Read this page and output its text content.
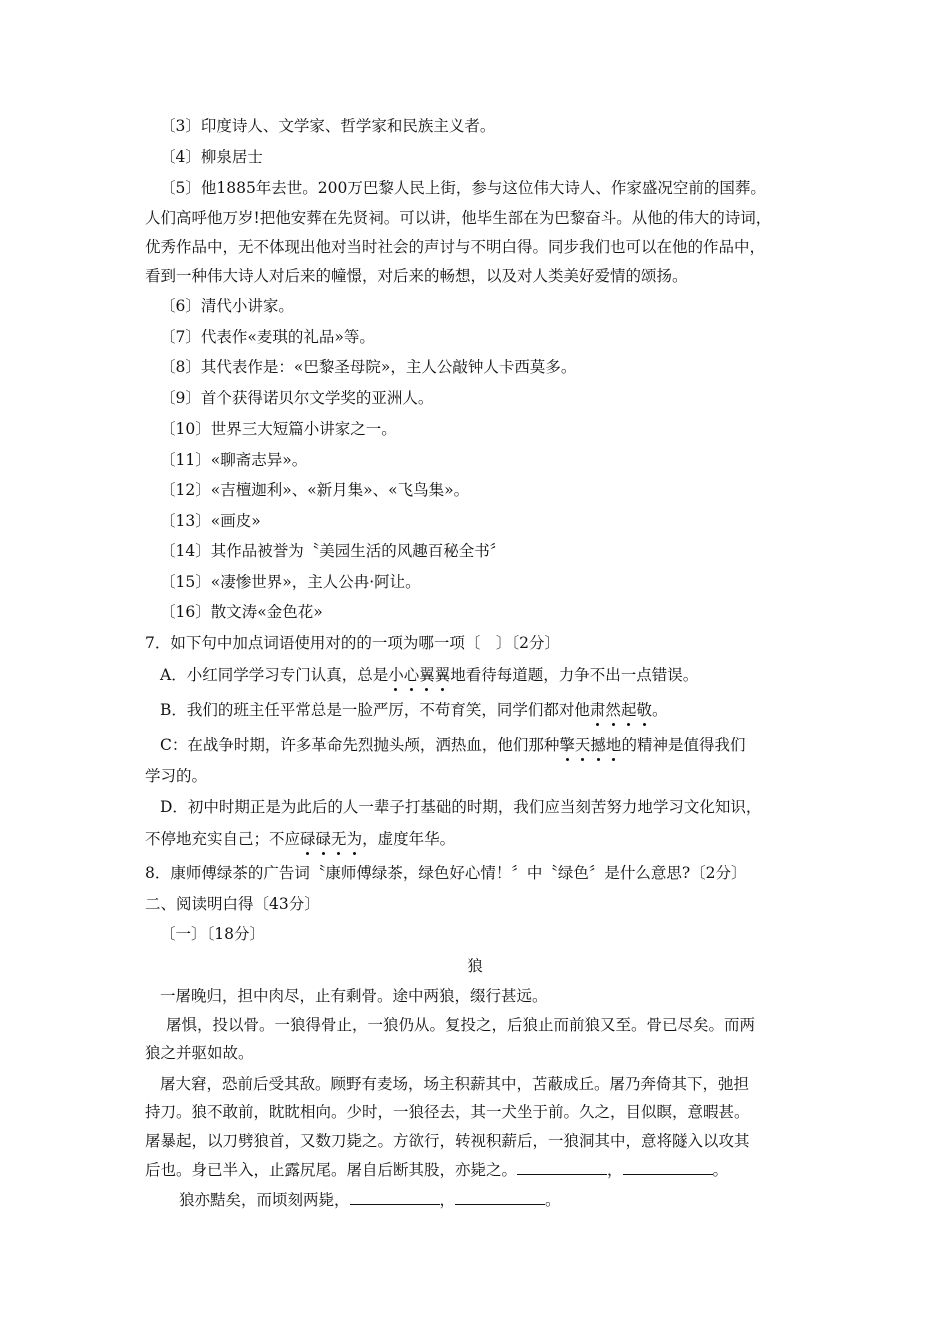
〔3〕印度诗人、文学家、哲学家和民族主义者。

〔4〕柳泉居士

〔5〕他1885年去世。200万巴黎人民上街，参与这位伟大诗人、作家盛况空前的国葬。

人们高呼他万岁!把他安葬在先贤祠。可以讲，他毕生部在为巴黎奋斗。从他的伟大的诗词，

优秀作品中，无不体现出他对当时社会的声讨与不明白得。同步我们也可以在他的作品中，

看到一种伟大诗人对后来的幢憬，对后来的畅想，以及对人类美好爱情的颂扬。

〔6〕清代小讲家。

〔7〕代表作«麦琪的礼品»等。

〔8〕其代表作是：«巴黎圣母院»，主人公敲钟人卡西莫多。

〔9〕首个获得诺贝尔文学奖的亚洲人。

〔10〕世界三大短篇小讲家之一。

〔11〕«聊斋志异»。

〔12〕«吉檀迦利»、«新月集»、«飞鸟集»。

〔13〕«画皮»

〔14〕其作品被誉为〝美园生活的风趣百秘全书〞

〔15〕«凄惨世界»，主人公冉·阿让。

〔16〕散文涛«金色花»

7．如下句中加点词语使用对的的一项为哪一项〔　〕〔2分〕

A．小红同学学习专门认真，总是小心翼翼地看待每道题，力争不出一点错误。

B．我们的班主任平常总是一脸严厉，不苟育笑，同学们都对他肃然起敬。

C：在战争时期，许多革命先烈抛头颅，洒热血，他们那种擎天撼地的精神是值得我们

学习的。

D．初中时期正是为此后的人一辈子打基础的时期，我们应当刻苦努力地学习文化知识，

不停地充实自己；不应碌碌无为，虚度年华。

8．康师傅绿茶的广告词〝康师傅绿茶，绿色好心情！〞中〝绿色〞是什么意思?〔2分〕

二、阅读明白得〔43分〕

〔一〕〔18分〕

狼

一屠晚归，担中肉尽，止有剩骨。途中两狼，缀行甚远。

屠惧，投以骨。一狼得骨止，一狼仍从。复投之，后狼止而前狼又至。骨已尽矣。而两

狼之并驱如故。

屠大窘，恐前后受其敌。顾野有麦场，场主积薪其中，苫蔽成丘。屠乃奔倚其下，弛担

持刀。狼不敢前，眈眈相向。少时，一狼径去，其一犬坐于前。久之，目似瞑，意暇甚。

屠暴起，以刀劈狼首，又数刀毙之。方欲行，转视积薪后，一狼洞其中，意将隧入以攻其

后也。身已半入，止露尻尾。屠自后断其股，亦毙之。	，	。

狼亦黠矣，而顷刻两毙，	，	。
